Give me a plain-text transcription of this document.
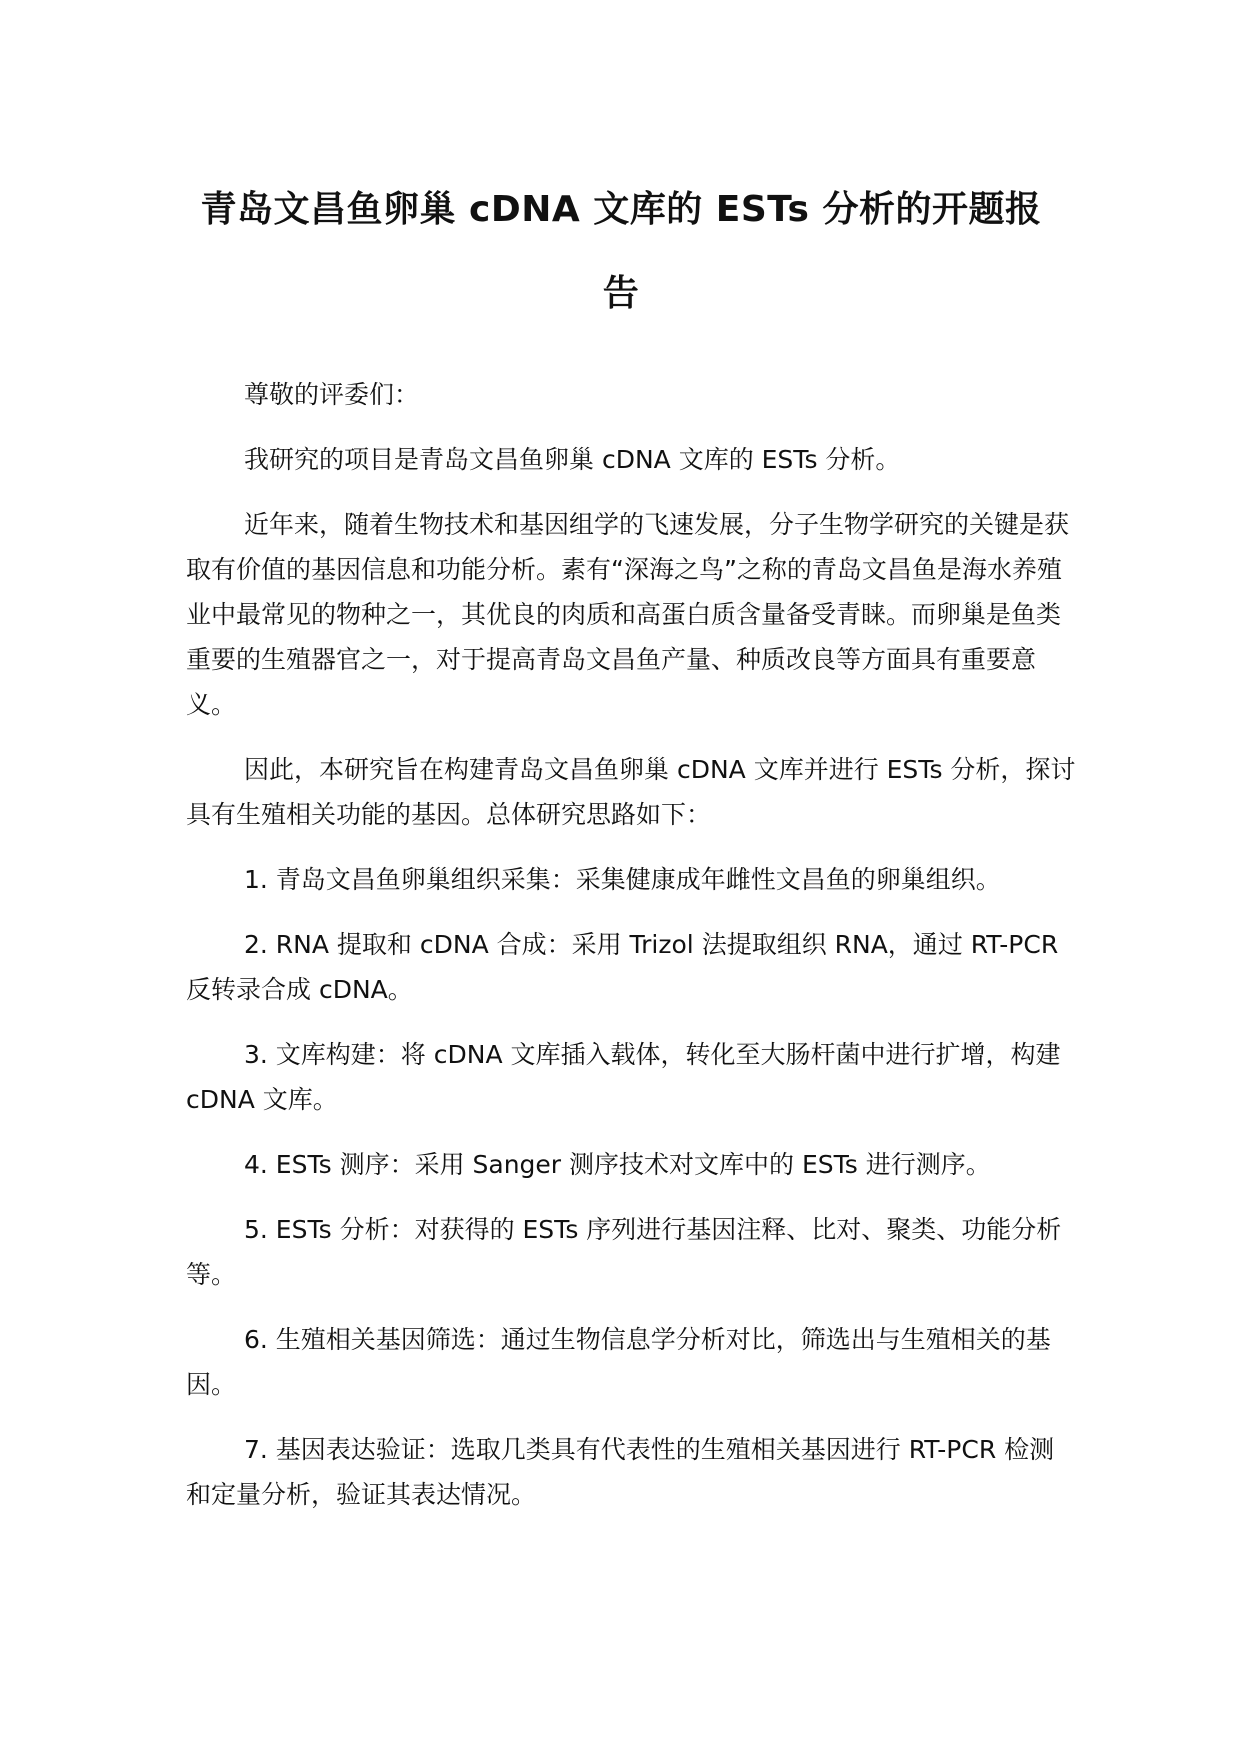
青岛文昌鱼卵巢 cDNA 文库的 ESTs 分析的开题报告

尊敬的评委们：

我研究的项目是青岛文昌鱼卵巢 cDNA 文库的 ESTs 分析。

近年来，随着生物技术和基因组学的飞速发展，分子生物学研究的关键是获取有价值的基因信息和功能分析。素有“深海之鸟”之称的青岛文昌鱼是海水养殖业中最常见的物种之一，其优良的肉质和高蛋白质含量备受青睐。而卵巢是鱼类重要的生殖器官之一，对于提高青岛文昌鱼产量、种质改良等方面具有重要意义。

因此，本研究旨在构建青岛文昌鱼卵巢 cDNA 文库并进行 ESTs 分析，探讨具有生殖相关功能的基因。总体研究思路如下：

1. 青岛文昌鱼卵巢组织采集：采集健康成年雌性文昌鱼的卵巢组织。

2. RNA 提取和 cDNA 合成：采用 Trizol 法提取组织 RNA，通过 RT-PCR 反转录合成 cDNA。

3. 文库构建：将 cDNA 文库插入载体，转化至大肠杆菌中进行扩增，构建 cDNA 文库。

4. ESTs 测序：采用 Sanger 测序技术对文库中的 ESTs 进行测序。

5. ESTs 分析：对获得的 ESTs 序列进行基因注释、比对、聚类、功能分析等。

6. 生殖相关基因筛选：通过生物信息学分析对比，筛选出与生殖相关的基因。

7. 基因表达验证：选取几类具有代表性的生殖相关基因进行 RT-PCR 检测和定量分析，验证其表达情况。
